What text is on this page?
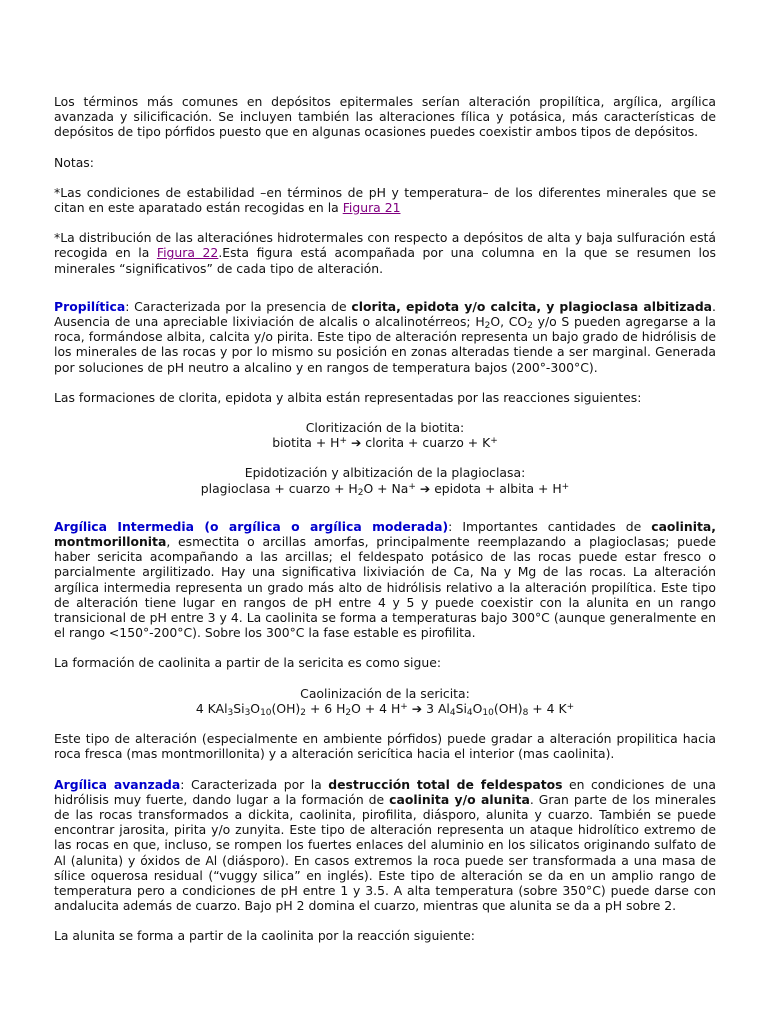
Los términos más comunes en depósitos epitermales serían alteración propilítica, argílica, argílica avanzada y silicificación. Se incluyen también las alteraciones fílica y potásica, más características de depósitos de tipo pórfidos puesto que en algunas ocasiones puedes coexistir ambos tipos de depósitos.

Notas:

*Las condiciones de estabilidad –en términos de pH y temperatura– de los diferentes minerales que se citan en este aparatado están recogidas en la Figura 21

*La distribución de las alteraciónes hidrotermales con respecto a depósitos de alta y baja sulfuración está recogida en la Figura 22.Esta figura está acompañada por una columna en la que se resumen los minerales “significativos” de cada tipo de alteración.

Propilítica: Caracterizada por la presencia de clorita, epidota y/o calcita, y plagioclasa albitizada. Ausencia de una apreciable lixiviación de alcalis o alcalinotérreos; $H_2O$, $CO_2$ y/o S pueden agregarse a la roca, formándose albita, calcita y/o pirita. Este tipo de alteración representa un bajo grado de hidrólisis de los minerales de las rocas y por lo mismo su posición en zonas alteradas tiende a ser marginal. Generada por soluciones de pH neutro a alcalino y en rangos de temperatura bajos (200°-300°C).

Las formaciones de clorita, epidota y albita están representadas por las reacciones siguientes:

Cloritización de la biotita:
biotita + H+ ➔ clorita + cuarzo + K+

Epidotización y albitización de la plagioclasa:
plagioclasa + cuarzo + $H_2O + Na^+$ ➔ epidota + albita + H+

Argílica Intermedia (o argílica o argílica moderada): Importantes cantidades de caolinita, montmorillonita, esmectita o arcillas amorfas, principalmente reemplazando a plagioclasas; puede haber sericita acompañando a las arcillas; el feldespato potásico de las rocas puede estar fresco o parcialmente argilitizado. Hay una significativa lixiviación de Ca, Na y Mg de las rocas. La alteración argílica intermedia representa un grado más alto de hidrólisis relativo a la alteración propilítica. Este tipo de alteración tiene lugar en rangos de pH entre 4 y 5 y puede coexistir con la alunita en un rango transicional de pH entre 3 y 4. La caolinita se forma a temperaturas bajo 300°C (aunque generalmente en el rango <150°-200°C). Sobre los 300°C la fase estable es pirofilita.

La formación de caolinita a partir de la sericita es como sigue:

Caolinización de la sericita:
4 $KAl_3Si_3O_{10}(OH)_2 + 6$ $H_2O + 4$ H+ ➔ 3 $Al_4Si_4O_{10}(OH)_8 + 4$ K+

Este tipo de alteración (especialmente en ambiente pórfidos) puede gradar a alteración propilitica hacia roca fresca (mas montmorillonita) y a alteración sericítica hacia el interior (mas caolinita).

Argílica avanzada: Caracterizada por la destrucción total de feldespatos en condiciones de una hidrólisis muy fuerte, dando lugar a la formación de caolinita y/o alunita. Gran parte de los minerales de las rocas transformados a dickita, caolinita, pirofilita, diásporo, alunita y cuarzo. También se puede encontrar jarosita, pirita y/o zunyita. Este tipo de alteración representa un ataque hidrolítico extremo de las rocas en que, incluso, se rompen los fuertes enlaces del aluminio en los silicatos originando sulfato de Al (alunita) y óxidos de Al (diásporo). En casos extremos la roca puede ser transformada a una masa de sílice oquerosa residual (“vuggy silica” en inglés). Este tipo de alteración se da en un amplio rango de temperatura pero a condiciones de pH entre 1 y 3.5. A alta temperatura (sobre 350°C) puede darse con andalucita además de cuarzo. Bajo pH 2 domina el cuarzo, mientras que alunita se da a pH sobre 2.

La alunita se forma a partir de la caolinita por la reacción siguiente:
